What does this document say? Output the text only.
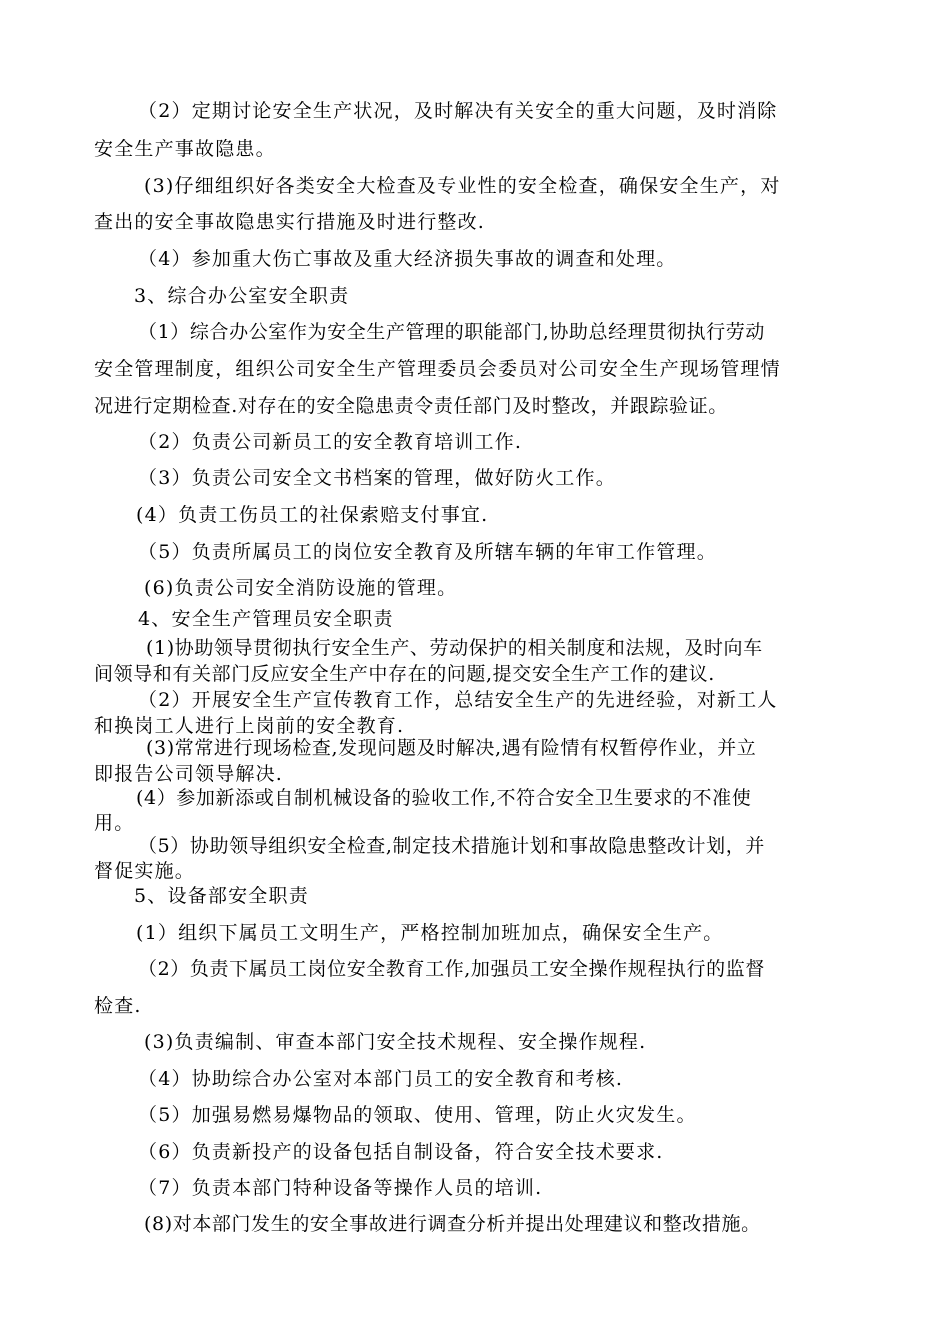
（2）定期讨论安全生产状况，及时解决有关安全的重大问题，及时消除
安全生产事故隐患。
(3)仔细组织好各类安全大检查及专业性的安全检查，确保安全生产，对
查出的安全事故隐患实行措施及时进行整改.
（4）参加重大伤亡事故及重大经济损失事故的调查和处理。
3、综合办公室安全职责
（1）综合办公室作为安全生产管理的职能部门,协助总经理贯彻执行劳动
安全管理制度，组织公司安全生产管理委员会委员对公司安全生产现场管理情
况进行定期检查.对存在的安全隐患责令责任部门及时整改，并跟踪验证。
（2）负责公司新员工的安全教育培训工作.
（3）负责公司安全文书档案的管理，做好防火工作。
(4）负责工伤员工的社保索赔支付事宜.
（5）负责所属员工的岗位安全教育及所辖车辆的年审工作管理。
(6)负责公司安全消防设施的管理。
4、安全生产管理员安全职责
(1)协助领导贯彻执行安全生产、劳动保护的相关制度和法规，及时向车
间领导和有关部门反应安全生产中存在的问题,提交安全生产工作的建议.
（2）开展安全生产宣传教育工作，总结安全生产的先进经验，对新工人
和换岗工人进行上岗前的安全教育.
(3)常常进行现场检查,发现问题及时解决,遇有险情有权暂停作业，并立
即报告公司领导解决.
(4）参加新添或自制机械设备的验收工作,不符合安全卫生要求的不准使
用。
（5）协助领导组织安全检查,制定技术措施计划和事故隐患整改计划，并
督促实施。
5、设备部安全职责
(1）组织下属员工文明生产，严格控制加班加点，确保安全生产。
（2）负责下属员工岗位安全教育工作,加强员工安全操作规程执行的监督
检查.
(3)负责编制、审查本部门安全技术规程、安全操作规程.
（4）协助综合办公室对本部门员工的安全教育和考核.
（5）加强易燃易爆物品的领取、使用、管理，防止火灾发生。
（6）负责新投产的设备包括自制设备，符合安全技术要求.
（7）负责本部门特种设备等操作人员的培训.
(8)对本部门发生的安全事故进行调查分析并提出处理建议和整改措施。
